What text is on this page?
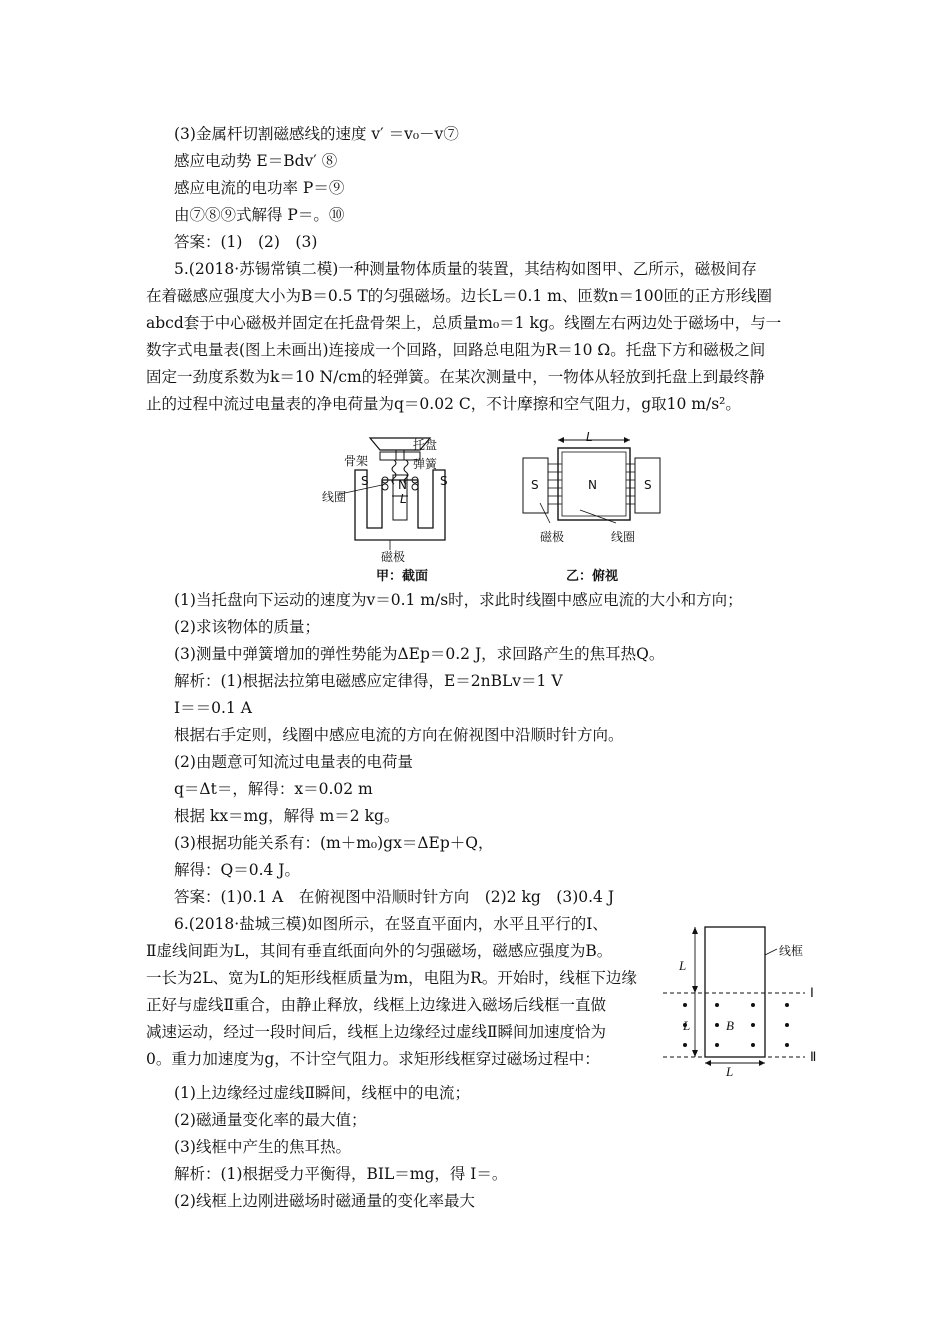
(3)金属杆切割磁感线的速度 v′ ＝v₀－v⑦
感应电动势 E＝Bdv′ ⑧
感应电流的电功率 P＝⑨
由⑦⑧⑨式解得 P＝。⑩
答案：(1)　(2)　(3)
5.(2018·苏锡常镇二模)一种测量物体质量的装置，其结构如图甲、乙所示，磁极间存
在着磁感应强度大小为B＝0.5 T的匀强磁场。边长L＝0.1 m、匝数n＝100匝的正方形线圈
abcd套于中心磁极并固定在托盘骨架上，总质量m₀＝1 kg。线圈左右两边处于磁场中，与一
数字式电量表(图上未画出)连接成一个回路，回路总电阻为R＝10 Ω。托盘下方和磁极之间
固定一劲度系数为k＝10 N/cm的轻弹簧。在某次测量中，一物体从轻放到托盘上到最终静
止的过程中流过电量表的净电荷量为q＝0.02 C，不计摩擦和空气阻力，g取10 m/s²。
托盘
骨架	弹簧
线圈
S N	S
L
磁极
甲：截面
L
S	N	S
磁极	线圈
乙：俯视
(1)当托盘向下运动的速度为v＝0.1 m/s时，求此时线圈中感应电流的大小和方向；
(2)求该物体的质量；
(3)测量中弹簧增加的弹性势能为ΔEp＝0.2 J，求回路产生的焦耳热Q。
解析：(1)根据法拉第电磁感应定律得，E＝2nBLv＝1 V
I＝＝0.1 A
根据右手定则，线圈中感应电流的方向在俯视图中沿顺时针方向。
(2)由题意可知流过电量表的电荷量
q＝Δt＝，解得：x＝0.02 m
根据 kx＝mg，解得 m＝2 kg。
(3)根据功能关系有：(m＋m₀)gx＝ΔEp＋Q，
解得：Q＝0.4 J。
答案：(1)0.1 A　在俯视图中沿顺时针方向　(2)2 kg　(3)0.4 J
6.(2018·盐城三模)如图所示，在竖直平面内，水平且平行的Ⅰ、
Ⅱ虚线间距为L，其间有垂直纸面向外的匀强磁场，磁感应强度为B。
一长为2L、宽为L的矩形线框质量为m，电阻为R。开始时，线框下边缘
正好与虚线Ⅱ重合，由静止释放，线框上边缘进入磁场后线框一直做
减速运动，经过一段时间后，线框上边缘经过虚线Ⅱ瞬间加速度恰为
0。重力加速度为g，不计空气阻力。求矩形线框穿过磁场过程中：
(1)上边缘经过虚线Ⅱ瞬间，线框中的电流；
(2)磁通量变化率的最大值；
(3)线框中产生的焦耳热。
解析：(1)根据受力平衡得，BIL＝mg，得 I＝。
(2)线框上边刚进磁场时磁通量的变化率最大
L
L
L
B
线框
Ⅰ
Ⅱ
